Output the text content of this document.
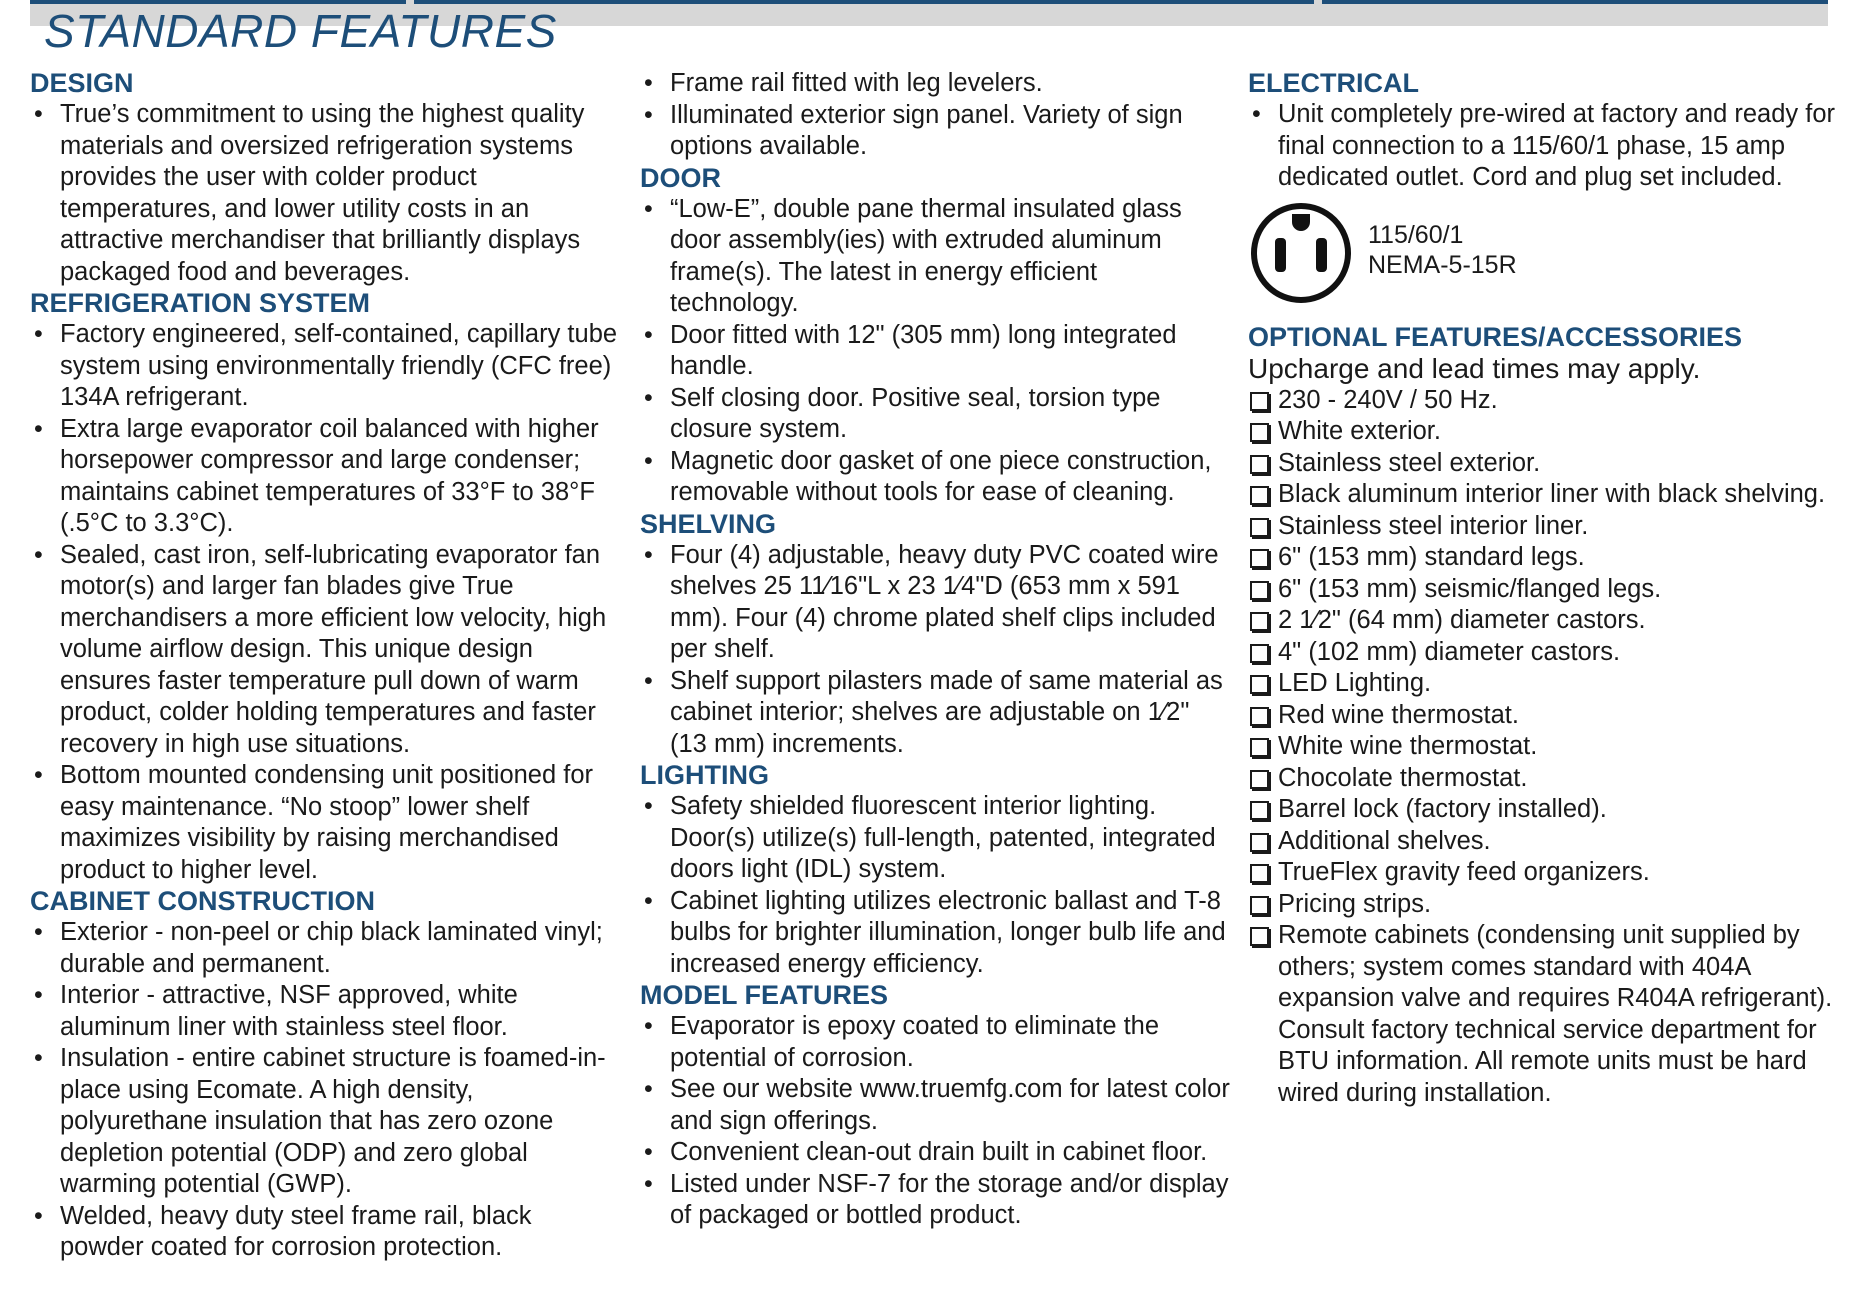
STANDARD FEATURES
DESIGN
• True’s commitment to using the highest quality materials and oversized refrigeration systems provides the user with colder product temperatures, and lower utility costs in an attractive merchandiser that brilliantly displays packaged food and beverages.
REFRIGERATION SYSTEM
• Factory engineered, self-contained, capillary tube system using environmentally friendly (CFC free) 134A refrigerant.
• Extra large evaporator coil balanced with higher horsepower compressor and large condenser; maintains cabinet temperatures of 33°F to 38°F (.5°C to 3.3°C).
• Sealed, cast iron, self-lubricating evaporator fan motor(s) and larger fan blades give True merchandisers a more efficient low velocity, high volume airflow design. This unique design ensures faster temperature pull down of warm product, colder holding temperatures and faster recovery in high use situations.
• Bottom mounted condensing unit positioned for easy maintenance. “No stoop” lower shelf maximizes visibility by raising merchandised product to higher level.
CABINET CONSTRUCTION
• Exterior - non-peel or chip black laminated vinyl; durable and permanent.
• Interior - attractive, NSF approved, white aluminum liner with stainless steel floor.
• Insulation - entire cabinet structure is foamed-in-place using Ecomate. A high density, polyurethane insulation that has zero ozone depletion potential (ODP) and zero global warming potential (GWP).
• Welded, heavy duty steel frame rail, black powder coated for corrosion protection.
• Frame rail fitted with leg levelers.
• Illuminated exterior sign panel. Variety of sign options available.
DOOR
• “Low-E”, double pane thermal insulated glass door assembly(ies) with extruded aluminum frame(s). The latest in energy efficient technology.
• Door fitted with 12" (305 mm) long integrated handle.
• Self closing door. Positive seal, torsion type closure system.
• Magnetic door gasket of one piece construction, removable without tools for ease of cleaning.
SHELVING
• Four (4) adjustable, heavy duty PVC coated wire shelves 25 11⁄16"L x 23 1⁄4"D (653 mm x 591 mm). Four (4) chrome plated shelf clips included per shelf.
• Shelf support pilasters made of same material as cabinet interior; shelves are adjustable on 1⁄2" (13 mm) increments.
LIGHTING
• Safety shielded fluorescent interior lighting. Door(s) utilize(s) full-length, patented, integrated doors light (IDL) system.
• Cabinet lighting utilizes electronic ballast and T-8 bulbs for brighter illumination, longer bulb life and increased energy efficiency.
MODEL FEATURES
• Evaporator is epoxy coated to eliminate the potential of corrosion.
• See our website www.truemfg.com for latest color and sign offerings.
• Convenient clean-out drain built in cabinet floor.
• Listed under NSF-7 for the storage and/or display of packaged or bottled product.
ELECTRICAL
• Unit completely pre-wired at factory and ready for final connection to a 115/60/1 phase, 15 amp dedicated outlet. Cord and plug set included.
115/60/1
NEMA-5-15R
OPTIONAL FEATURES/ACCESSORIES

Upcharge and lead times may apply.

230 - 240V / 50 Hz.
White exterior.
Stainless steel exterior.
Black aluminum interior liner with black shelving.
Stainless steel interior liner.
6" (153 mm) standard legs.
6" (153 mm) seismic/flanged legs.
2 1⁄2" (64 mm) diameter castors.
4" (102 mm) diameter castors.
LED Lighting.
Red wine thermostat.
White wine thermostat.
Chocolate thermostat.
Barrel lock (factory installed).
Additional shelves.
TrueFlex gravity feed organizers.
Pricing strips.
Remote cabinets (condensing unit supplied by others; system comes standard with 404A expansion valve and requires R404A refrigerant). Consult factory technical service department for BTU information. All remote units must be hard wired during installation.
